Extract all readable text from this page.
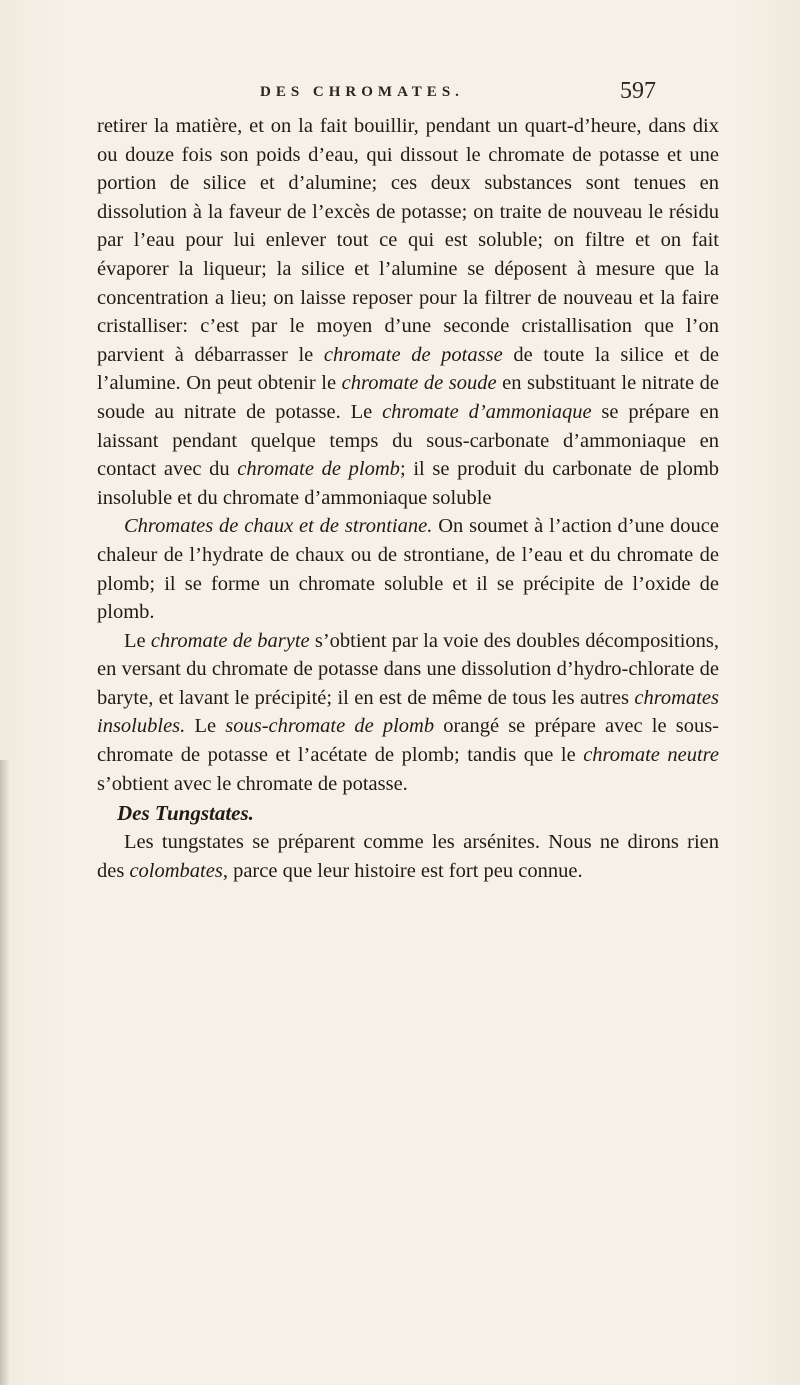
DES CHROMATES.	597

retirer la matière, et on la fait bouillir, pendant un quart-d’heure, dans dix ou douze fois son poids d’eau, qui dissout le chromate de potasse et une portion de silice et d’alumine; ces deux substances sont tenues en dissolution à la faveur de l’excès de potasse; on traite de nouveau le résidu par l’eau pour lui enlever tout ce qui est soluble; on filtre et on fait évaporer la liqueur; la silice et l’alumine se déposent à mesure que la concentration a lieu; on laisse reposer pour la filtrer de nouveau et la faire cristalliser: c’est par le moyen d’une seconde cristallisation que l’on parvient à débarrasser le chromate de potasse de toute la silice et de l’alumine. On peut obtenir le chromate de soude en substituant le nitrate de soude au nitrate de potasse. Le chromate d’ammoniaque se prépare en laissant pendant quelque temps du sous-carbonate d’ammoniaque en contact avec du chromate de plomb; il se produit du carbonate de plomb insoluble et du chromate d’ammoniaque soluble

Chromates de chaux et de strontiane. On soumet à l’action d’une douce chaleur de l’hydrate de chaux ou de strontiane, de l’eau et du chromate de plomb; il se forme un chromate soluble et il se précipite de l’oxide de plomb.

Le chromate de baryte s’obtient par la voie des doubles décompositions, en versant du chromate de potasse dans une dissolution d’hydro-chlorate de baryte, et lavant le précipité; il en est de même de tous les autres chromates insolubles. Le sous-chromate de plomb orangé se prépare avec le sous-chromate de potasse et l’acétate de plomb; tandis que le chromate neutre s’obtient avec le chromate de potasse.

Des Tungstates.

Les tungstates se préparent comme les arsénites. Nous ne dirons rien des colombates, parce que leur histoire est fort peu connue.
